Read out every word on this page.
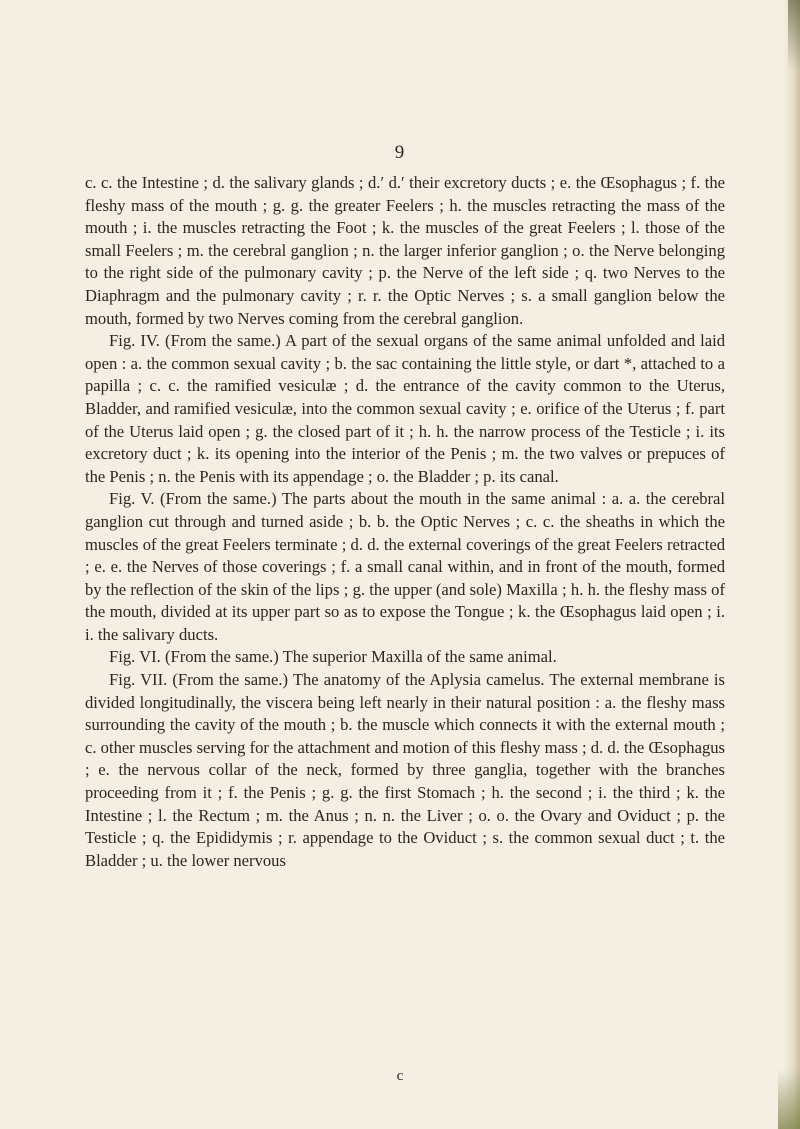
9

c. c. the Intestine ; d. the salivary glands ; d.′ d.′ their excretory ducts ; e. the Œsophagus ; f. the fleshy mass of the mouth ; g. g. the greater Feelers ; h. the muscles retracting the mass of the mouth ; i. the muscles retracting the Foot ; k. the muscles of the great Feelers ; l. those of the small Feelers ; m. the cerebral ganglion ; n. the larger inferior ganglion ; o. the Nerve belonging to the right side of the pulmonary cavity ; p. the Nerve of the left side ; q. two Nerves to the Diaphragm and the pulmonary cavity ; r. r. the Optic Nerves ; s. a small ganglion below the mouth, formed by two Nerves coming from the cerebral ganglion.

Fig. IV. (From the same.) A part of the sexual organs of the same animal unfolded and laid open : a. the common sexual cavity ; b. the sac containing the little style, or dart *, attached to a papilla ; c. c. the ramified vesiculæ ; d. the entrance of the cavity common to the Uterus, Bladder, and ramified vesiculæ, into the common sexual cavity ; e. orifice of the Uterus ; f. part of the Uterus laid open ; g. the closed part of it ; h. h. the narrow process of the Testicle ; i. its excretory duct ; k. its opening into the interior of the Penis ; m. the two valves or prepuces of the Penis ; n. the Penis with its appendage ; o. the Bladder ; p. its canal.

Fig. V. (From the same.) The parts about the mouth in the same animal : a. a. the cerebral ganglion cut through and turned aside ; b. b. the Optic Nerves ; c. c. the sheaths in which the muscles of the great Feelers terminate ; d. d. the external coverings of the great Feelers retracted ; e. e. the Nerves of those coverings ; f. a small canal within, and in front of the mouth, formed by the reflection of the skin of the lips ; g. the upper (and sole) Maxilla ; h. h. the fleshy mass of the mouth, divided at its upper part so as to expose the Tongue ; k. the Œsophagus laid open ; i. i. the salivary ducts.

Fig. VI. (From the same.) The superior Maxilla of the same animal.

Fig. VII. (From the same.) The anatomy of the Aplysia camelus. The external membrane is divided longitudinally, the viscera being left nearly in their natural position : a. the fleshy mass surrounding the cavity of the mouth ; b. the muscle which connects it with the external mouth ; c. other muscles serving for the attachment and motion of this fleshy mass ; d. d. the Œsophagus ; e. the nervous collar of the neck, formed by three ganglia, together with the branches proceeding from it ; f. the Penis ; g. g. the first Stomach ; h. the second ; i. the third ; k. the Intestine ; l. the Rectum ; m. the Anus ; n. n. the Liver ; o. o. the Ovary and Oviduct ; p. the Testicle ; q. the Epididymis ; r. appendage to the Oviduct ; s. the common sexual duct ; t. the Bladder ; u. the lower nervous

c
